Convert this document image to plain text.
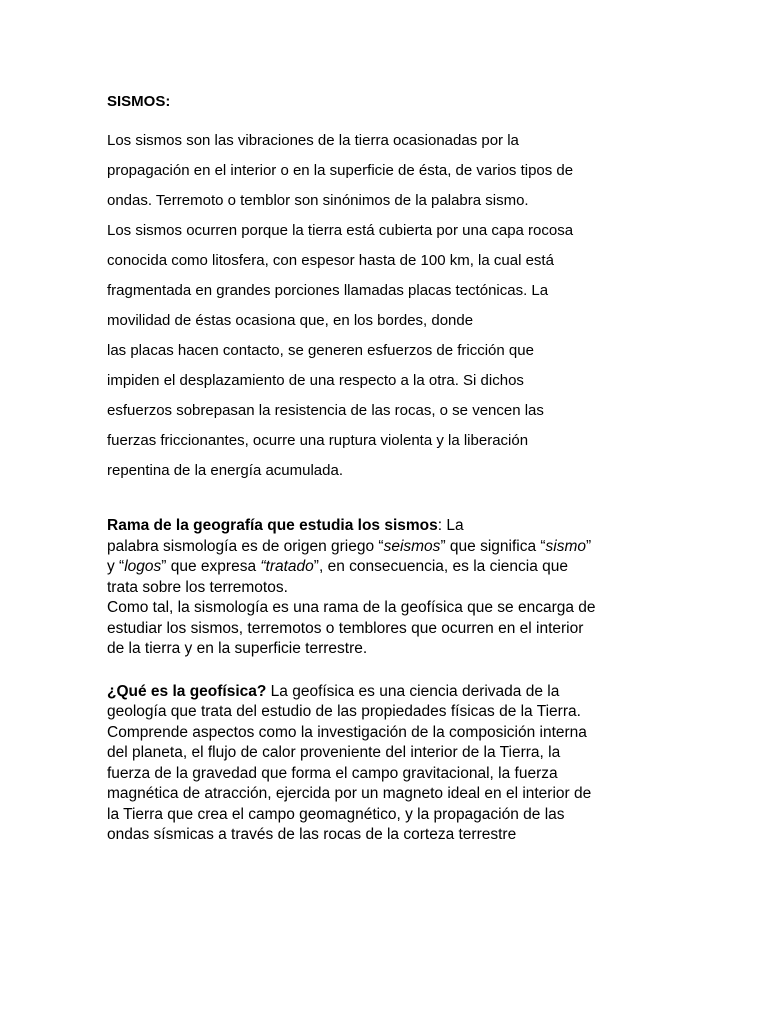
SISMOS:

Los sismos son las vibraciones de la tierra ocasionadas por la
propagación en el interior o en la superficie de ésta, de varios tipos de
ondas. Terremoto o temblor son sinónimos de la palabra sismo.
Los sismos ocurren porque la tierra está cubierta por una capa rocosa
conocida como litosfera, con espesor hasta de 100 km, la cual está
fragmentada en grandes porciones llamadas placas tectónicas. La
movilidad de éstas ocasiona que, en los bordes, donde
las placas hacen contacto, se generen esfuerzos de fricción que
impiden el desplazamiento de una respecto a la otra. Si dichos
esfuerzos sobrepasan la resistencia de las rocas, o se vencen las
fuerzas friccionantes, ocurre una ruptura violenta y la liberación
repentina de la energía acumulada.

Rama de la geografía que estudia los sismos: La
palabra sismología es de origen griego “seismos” que significa “sismo”
y “logos” que expresa “tratado”, en consecuencia, es la ciencia que
trata sobre los terremotos.
Como tal, la sismología es una rama de la geofísica que se encarga de
estudiar los sismos, terremotos o temblores que ocurren en el interior
de la tierra y en la superficie terrestre.
¿Qué es la geofísica? La geofísica es una ciencia derivada de la
geología que trata del estudio de las propiedades físicas de la Tierra.
Comprende aspectos como la investigación de la composición interna
del planeta, el flujo de calor proveniente del interior de la Tierra, la
fuerza de la gravedad que forma el campo gravitacional, la fuerza
magnética de atracción, ejercida por un magneto ideal en el interior de
la Tierra que crea el campo geomagnético, y la propagación de las
ondas sísmicas a través de las rocas de la corteza terrestre
